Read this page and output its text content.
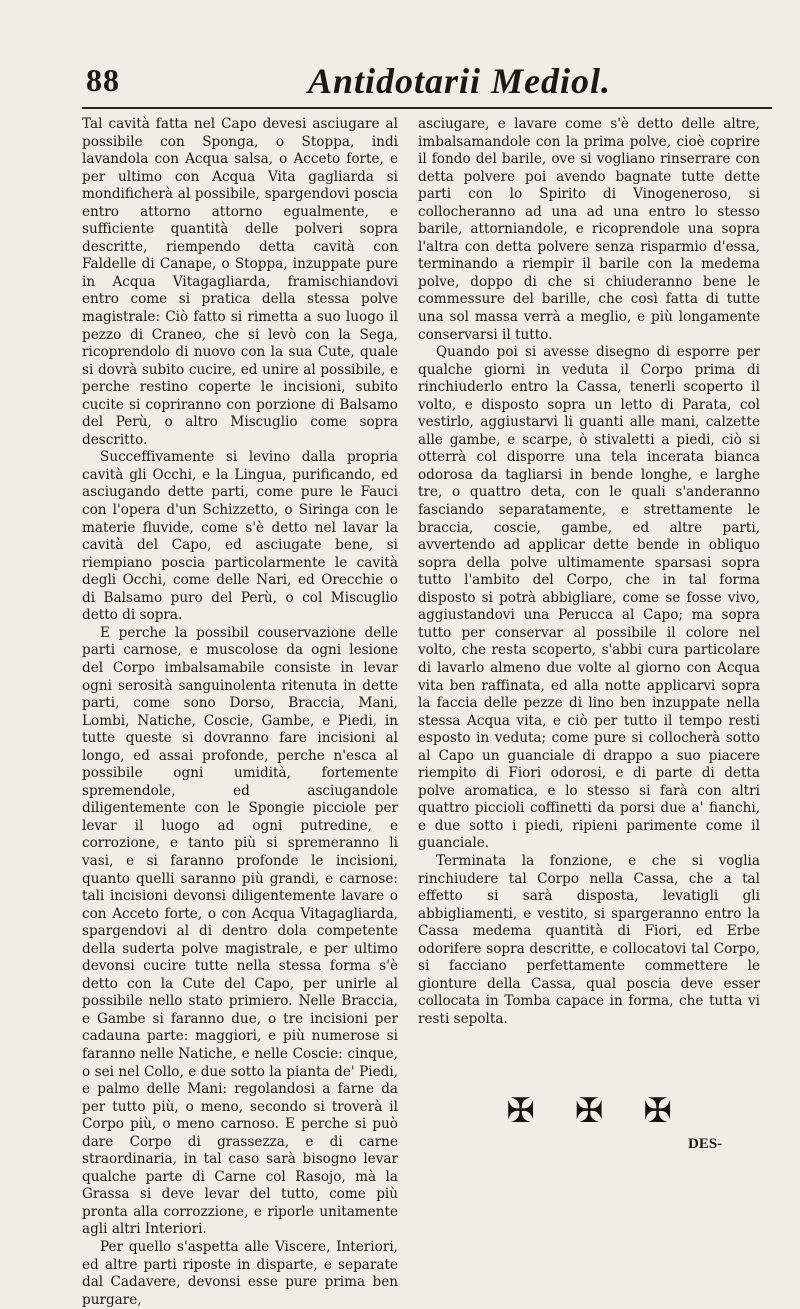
88	Antidotarii Mediol.

Tal cavità fatta nel Capo devesi asciugare al possibile con Sponga, o Stoppa, indi lavandola con Acqua salsa, o Acceto forte, e per ultimo con Acqua Vita gagliarda si mondificherà al possibile, spargendovi poscia entro attorno attorno egualmente, e sufficiente quantità delle polveri sopra descritte, riempendo detta cavità con Faldelle di Canape, o Stoppa, inzuppate pure in Acqua Vitagagliarda, framischiandovi entro come si pratica della stessa polve magistrale: Ciò fatto si rimetta a suo luogo il pezzo di Craneo, che si levò con la Sega, ricoprendolo di nuovo con la sua Cute, quale si dovrà subito cucire, ed unire al possibile, e perche restino coperte le incisioni, subito cucite si copriranno con porzione di Balsamo del Perù, o altro Miscuglio come sopra descritto.

Succeffivamente si levino dalla propria cavità gli Occhi, e la Lingua, purificando, ed asciugando dette parti, come pure le Fauci con l'opera d'un Schizzetto, o Siringa con le materie fluvide, come s'è detto nel lavar la cavità del Capo, ed asciugate bene, si riempiano poscia particolarmente le cavità degli Occhi, come delle Nari, ed Orecchie o di Balsamo puro del Perù, o col Miscuglio detto di sopra.

E perche la possibil couservazione delle parti carnose, e muscolose da ogni lesione del Corpo imbalsamabile consiste in levar ogni serosità sanguinolenta ritenuta in dette parti, come sono Dorso, Braccia, Mani, Lombi, Natiche, Coscie, Gambe, e Piedi, in tutte queste si dovranno fare incisioni al longo, ed assai profonde, perche n'esca al possibile ogni umidità, fortemente spremendole, ed asciugandole diligentemente con le Spongie picciole per levar il luogo ad ogni putredine, e corrozione, e tanto più si spremeranno li vasi, e si faranno profonde le incisioni, quanto quelli saranno più grandi, e carnose: tali incisioni devonsi diligentemente lavare o con Acceto forte, o con Acqua Vitagagliarda, spargendovi al di dentro dola competente della suderta polve magistrale, e per ultimo devonsi cucire tutte nella stessa forma s'è detto con la Cute del Capo, per unirle al possibile nello stato primiero. Nelle Braccia, e Gambe si faranno due, o tre incisioni per cadauna parte: maggiori, e più numerose si faranno nelle Natiche, e nelle Coscie: cinque, o sei nel Collo, e due sotto la pianta de' Piedi, e palmo delle Mani: regolandosi a farne da per tutto più, o meno, secondo si troverà il Corpo più, o meno carnoso. E perche si può dare Corpo di grassezza, e di carne straordinaria, in tal caso sarà bisogno levar qualche parte di Carne col Rasojo, mà la Grassa si deve levar del tutto, come più pronta alla corrozzione, e riporle unitamente agli altri Interiori.

Per quello s'aspetta alle Viscere, Interiori, ed altre parti riposte in disparte, e separate dal Cadavere, devonsi esse pure prima ben purgare,

asciugare, e lavare come s'è detto delle altre, imbalsamandole con la prima polve, cioè coprire il fondo del barile, ove si vogliano rinserrare con detta polvere poi avendo bagnate tutte dette parti con lo Spirito di Vinogeneroso, si collocheranno ad una ad una entro lo stesso barile, attorniandole, e ricoprendole una sopra l'altra con detta polvere senza risparmio d'essa, terminando a riempir il barile con la medema polve, doppo di che si chiuderanno bene le commessure del barille, che così fatta di tutte una sol massa verrà a meglio, e più longamente conservarsi il tutto.

Quando poi si avesse disegno di esporre per qualche giorni in veduta il Corpo prima di rinchiuderlo entro la Cassa, tenerli scoperto il volto, e disposto sopra un letto di Parata, col vestirlo, aggiustarvi li guanti alle mani, calzette alle gambe, e scarpe, ò stivaletti a piedi, ciò si otterrà col disporre una tela incerata bianca odorosa da tagliarsi in bende longhe, e larghe tre, o quattro deta, con le quali s'anderanno fasciando separatamente, e strettamente le braccia, coscie, gambe, ed altre parti, avvertendo ad applicar dette bende in obliquo sopra della polve ultimamente sparsasi sopra tutto l'ambito del Corpo, che in tal forma disposto si potrà abbigliare, come se fosse vivo, aggiustandovi una Perucca al Capo; ma sopra tutto per conservar al possibile il colore nel volto, che resta scoperto, s'abbi cura particolare di lavarlo almeno due volte al giorno con Acqua vita ben raffinata, ed alla notte applicarvi sopra la faccia delle pezze di lino ben inzuppate nella stessa Acqua vita, e ciò per tutto il tempo resti esposto in veduta; come pure si collocherà sotto al Capo un guanciale di drappo a suo piacere riempito di Fiori odorosi, e di parte di detta polve aromatica, e lo stesso si farà con altri quattro piccioli coffinetti da porsi due a' fianchi, e due sotto i piedi, ripieni parimente come il guanciale.

Terminata la fonzione, e che si voglia rinchiudere tal Corpo nella Cassa, che a tal effetto si sarà disposta, levatigli gli abbigliamenti, e vestito, si spargeranno entro la Cassa medema quantità di Fiori, ed Erbe odorifere sopra descritte, e collocatovi tal Corpo, si facciano perfettamente commettere le gionture della Cassa, qual poscia deve esser collocata in Tomba capace in forma, che tutta vi resti sepolta.

✠ ✠ ✠
DES-
